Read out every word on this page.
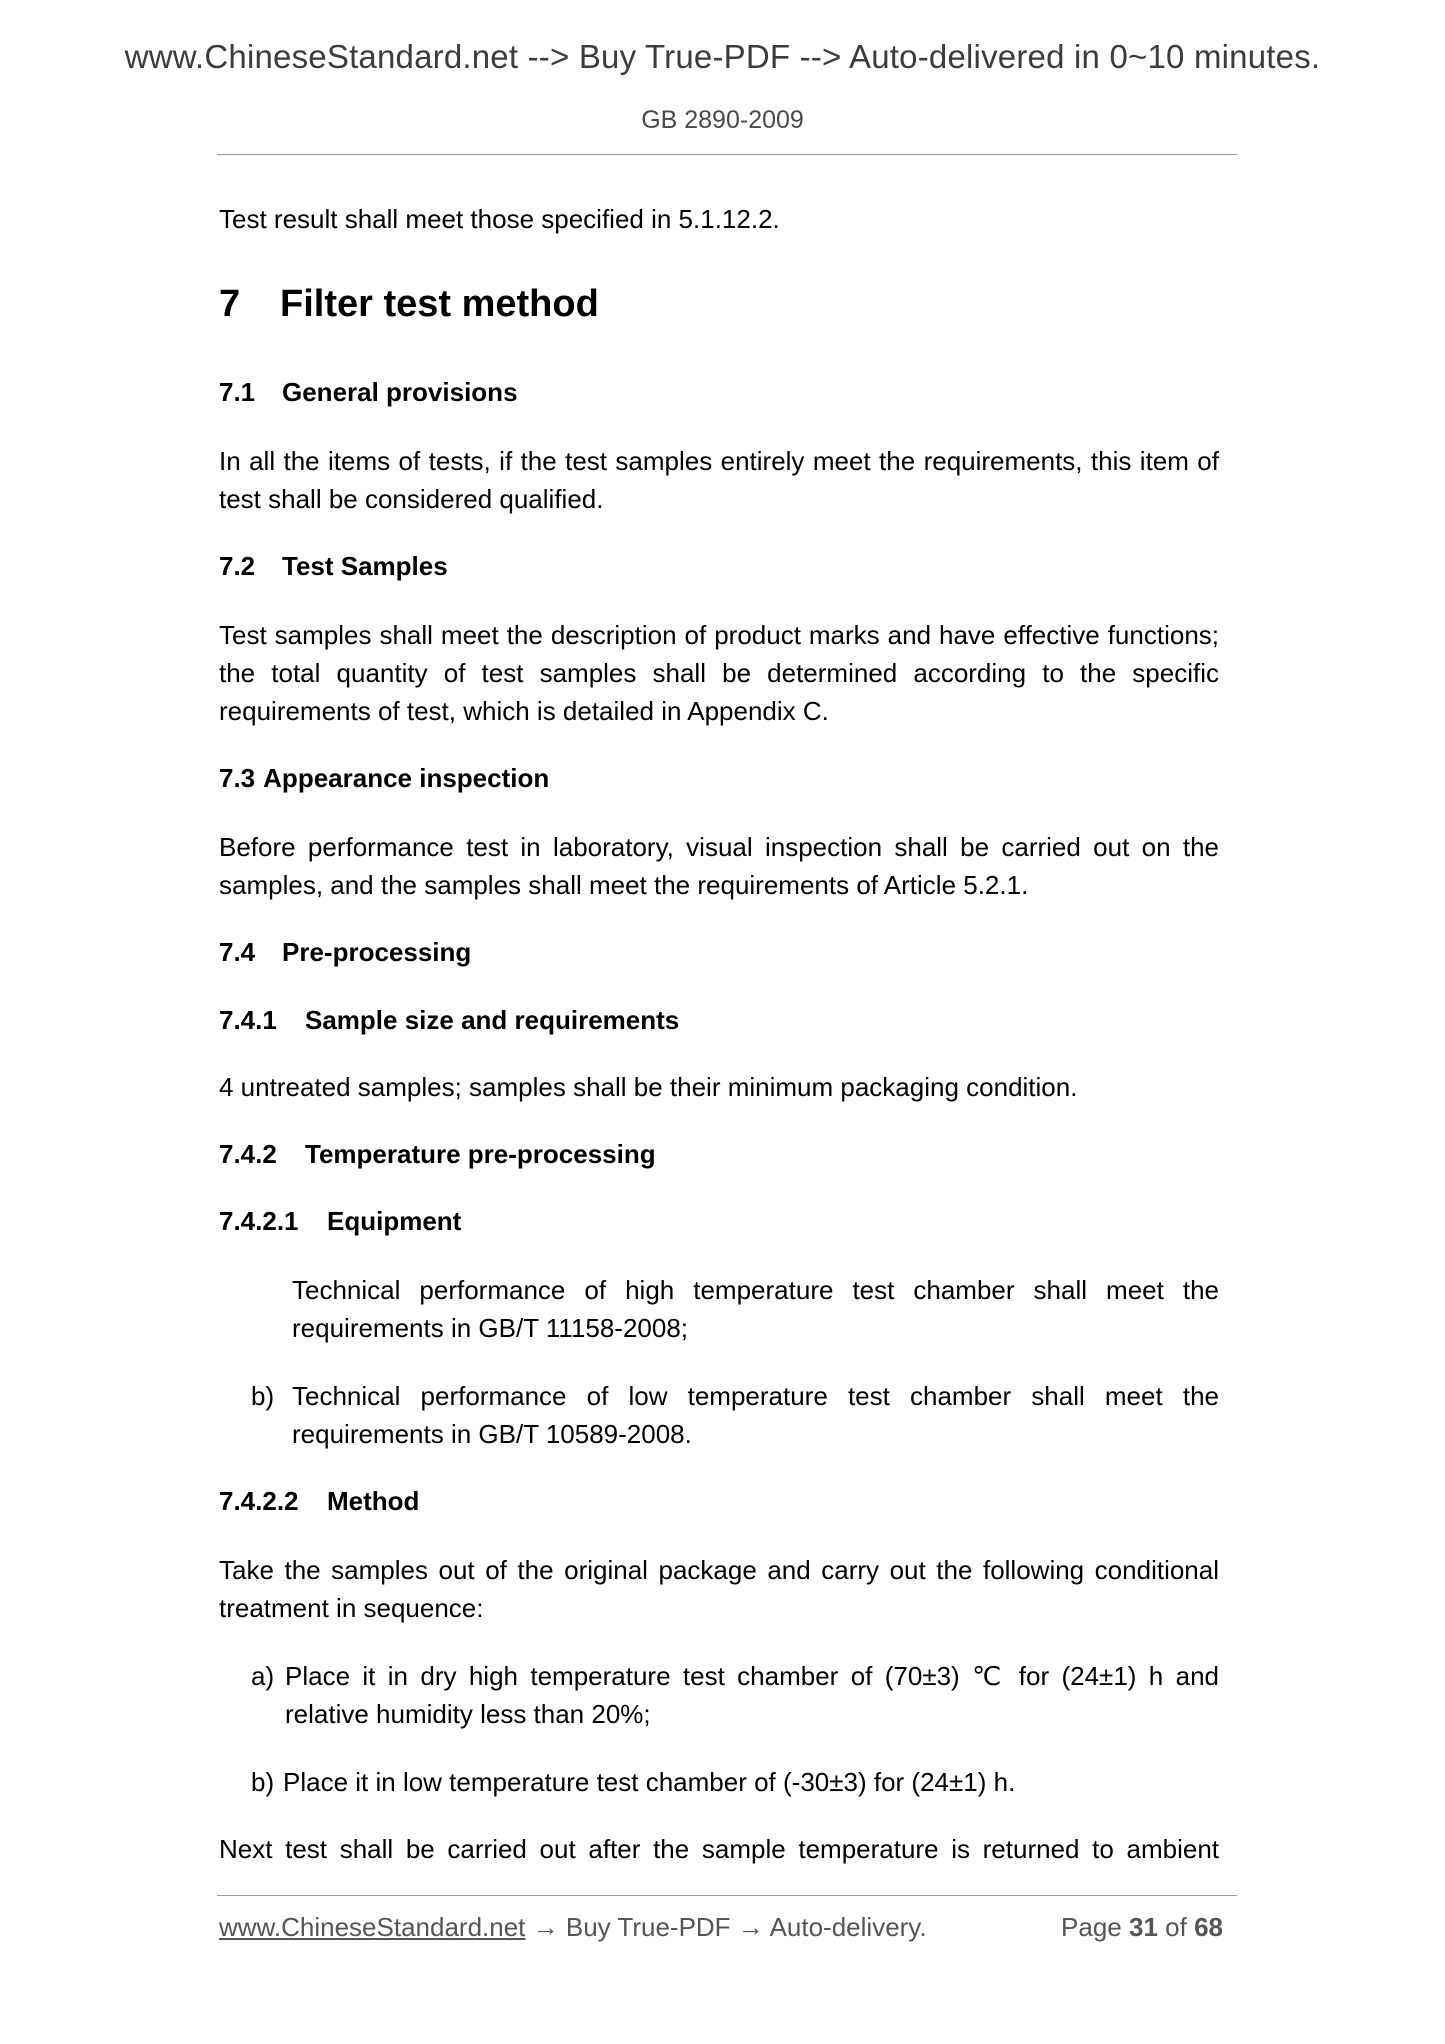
www.ChineseStandard.net --> Buy True-PDF --> Auto-delivered in 0~10 minutes.
GB 2890-2009
Test result shall meet those specified in 5.1.12.2.
7 Filter test method
7.1 General provisions
In all the items of tests, if the test samples entirely meet the requirements, this item of test shall be considered qualified.
7.2 Test Samples
Test samples shall meet the description of product marks and have effective functions; the total quantity of test samples shall be determined according to the specific requirements of test, which is detailed in Appendix C.
7.3 Appearance inspection
Before performance test in laboratory, visual inspection shall be carried out on the samples, and the samples shall meet the requirements of Article 5.2.1.
7.4 Pre-processing
7.4.1 Sample size and requirements
4 untreated samples; samples shall be their minimum packaging condition.
7.4.2 Temperature pre-processing
7.4.2.1 Equipment
Technical performance of high temperature test chamber shall meet the requirements in GB/T 11158-2008;
b) Technical performance of low temperature test chamber shall meet the requirements in GB/T 10589-2008.
7.4.2.2 Method
Take the samples out of the original package and carry out the following conditional treatment in sequence:
a) Place it in dry high temperature test chamber of (70±3) ℃ for (24±1) h and relative humidity less than 20%;
b) Place it in low temperature test chamber of (-30±3) for (24±1) h.
Next test shall be carried out after the sample temperature is returned to ambient
www.ChineseStandard.net → Buy True-PDF → Auto-delivery.	Page 31 of 68
